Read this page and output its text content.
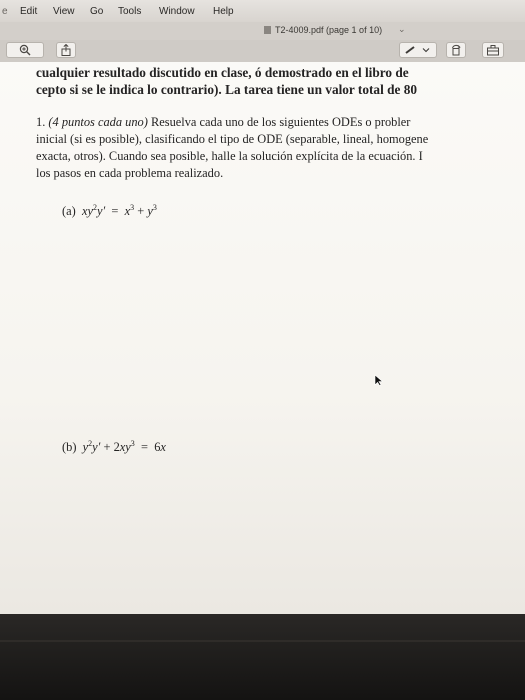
e Edit View Go Tools Window Help
T2-4009.pdf (page 1 of 10) ⌄
cualquier resultado discutido en clase, ó demostrado en el libro de
cepto si se le indica lo contrario). La tarea tiene un valor total de 80
1. (4 puntos cada uno) Resuelva cada uno de los siguientes ODEs o probler
inicial (si es posible), clasificando el tipo de ODE (separable, lineal, homogene
exacta, otros). Cuando sea posible, halle la solución explícita de la ecuación. I
los pasos en cada problema realizado.
(a) $xy^2y' = x^3 + y^3$
(b) $y^2y' + 2xy^3 = 6x$
